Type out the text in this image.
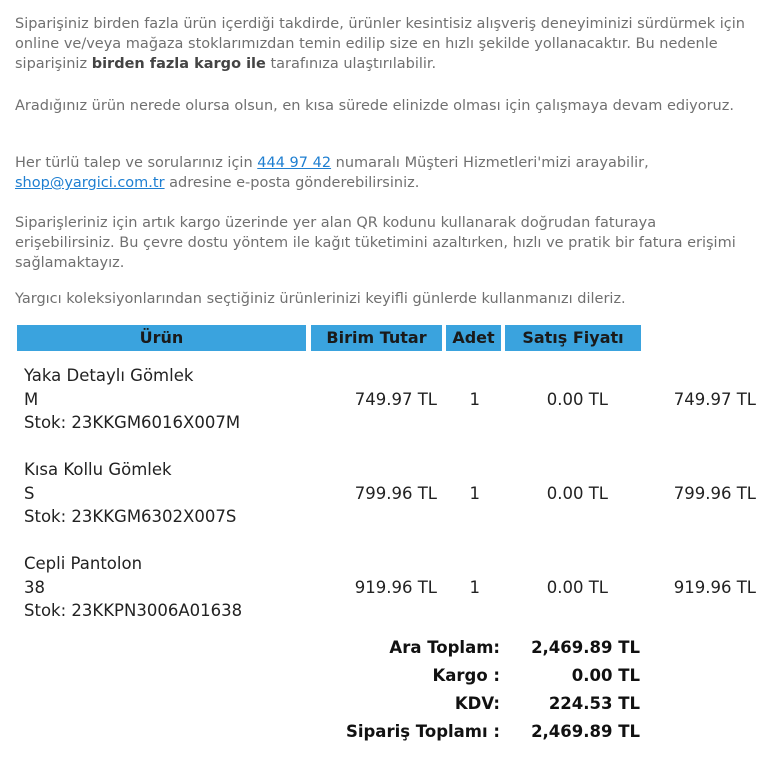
Siparişiniz birden fazla ürün içerdiği takdirde, ürünler kesintisiz alışveriş deneyiminizi sürdürmek için online ve/veya mağaza stoklarımızdan temin edilip size en hızlı şekilde yollanacaktır. Bu nedenle siparişiniz birden fazla kargo ile tarafınıza ulaştırılabilir.

Aradığınız ürün nerede olursa olsun, en kısa sürede elinizde olması için çalışmaya devam ediyoruz.

Her türlü talep ve sorularınız için 444 97 42 numaralı Müşteri Hizmetleri'mizi arayabilir,
shop@yargici.com.tr adresine e-posta gönderebilirsiniz.

Siparişleriniz için artık kargo üzerinde yer alan QR kodunu kullanarak doğrudan faturaya erişebilirsiniz. Bu çevre dostu yöntem ile kağıt tüketimini azaltırken, hızlı ve pratik bir fatura erişimi sağlamaktayız.

Yargıcı koleksiyonlarından seçtiğiniz ürünlerinizi keyifli günlerde kullanmanızı dileriz.

Ürün	Birim Tutar	Adet	Satış Fiyatı
Yaka Detaylı Gömlek
M
Stok: 23KKGM6016X007M
749.97 TL	1	0.00 TL	749.97 TL
Kısa Kollu Gömlek
S
Stok: 23KKGM6302X007S
799.96 TL	1	0.00 TL	799.96 TL
Cepli Pantolon
38
Stok: 23KKPN3006A01638
919.96 TL	1	0.00 TL	919.96 TL
Ara Toplam:	2,469.89 TL
Kargo :	0.00 TL
KDV:	224.53 TL
Sipariş Toplamı :	2,469.89 TL
